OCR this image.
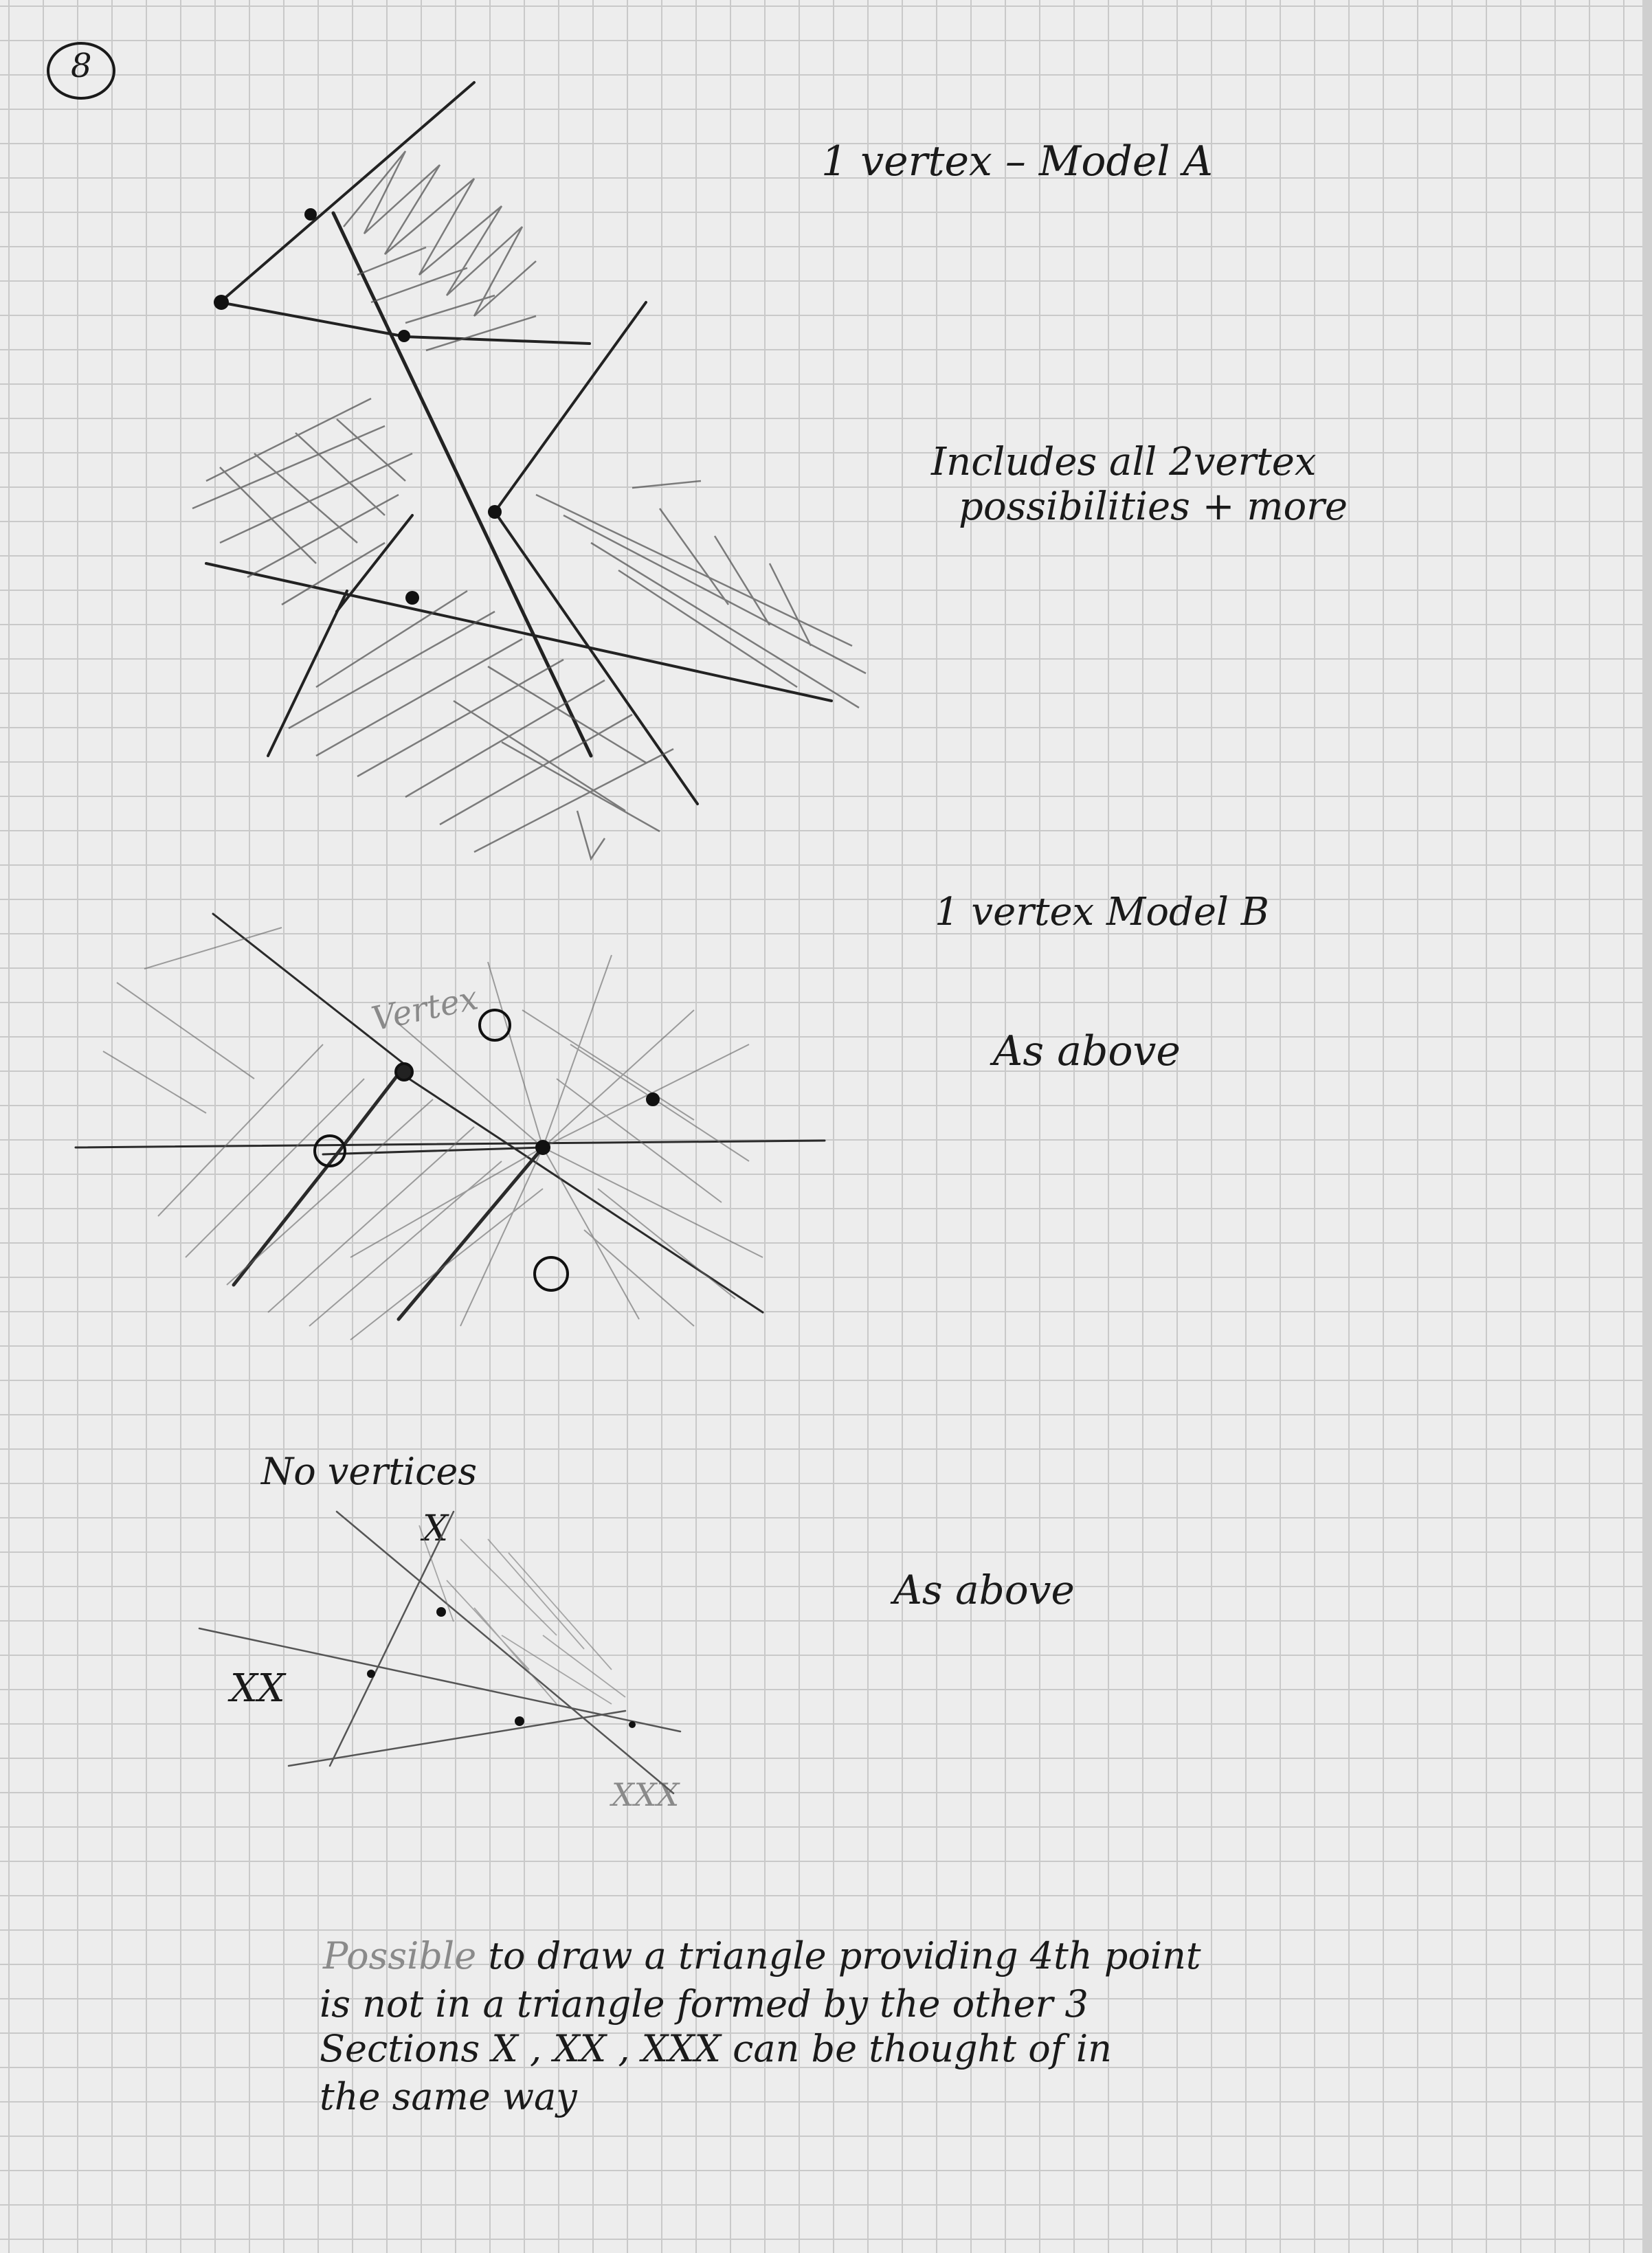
8
1 vertex – Model A
Includes all 2vertex
possibilities + more
1 vertex Model B
As above
Vertex
No vertices
As above
X
XX
XXX
Possible to draw a triangle providing 4th point
is not in a triangle formed by the other 3
Sections X , XX , XXX can be thought of in
the same way
